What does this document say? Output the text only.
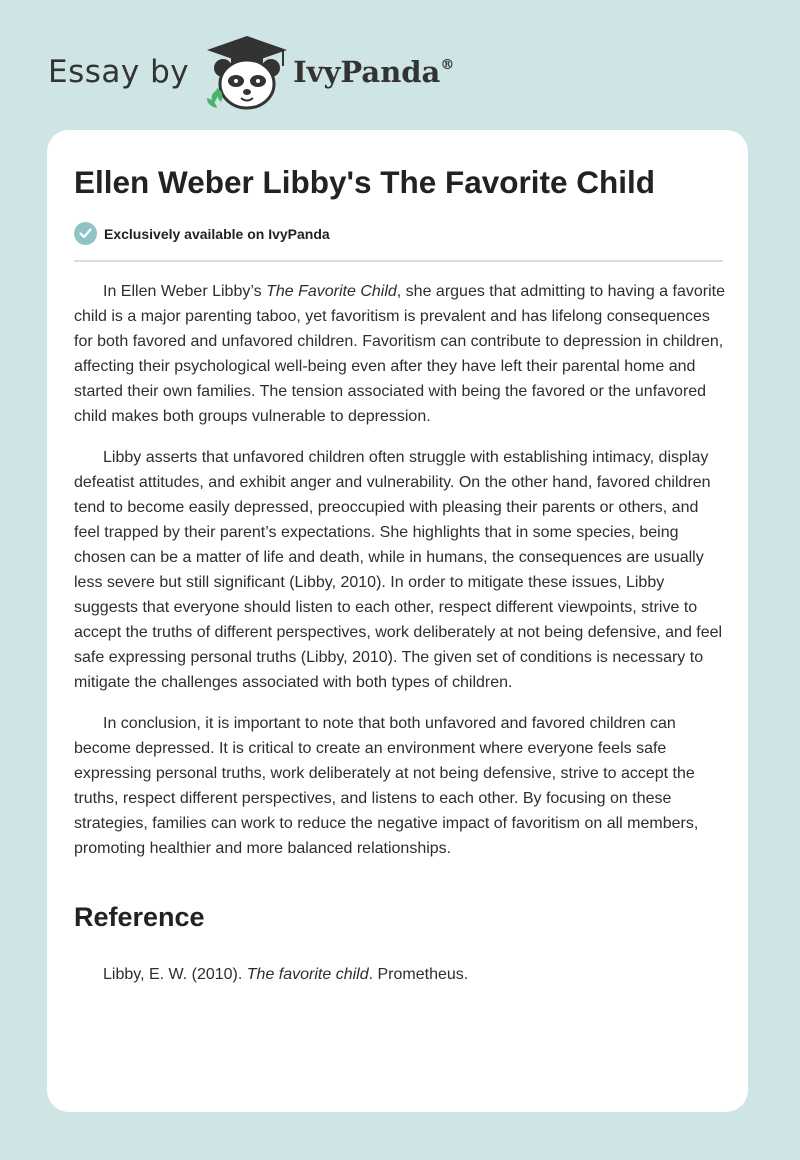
Essay by	IvyPanda®
Ellen Weber Libby's The Favorite Child
Exclusively available on IvyPanda

In Ellen Weber Libby’s The Favorite Child, she argues that admitting to having a favorite child is a major parenting taboo, yet favoritism is prevalent and has lifelong consequences for both favored and unfavored children. Favoritism can contribute to depression in children, affecting their psychological well-being even after they have left their parental home and started their own families. The tension associated with being the favored or the unfavored child makes both groups vulnerable to depression.

Libby asserts that unfavored children often struggle with establishing intimacy, display defeatist attitudes, and exhibit anger and vulnerability. On the other hand, favored children tend to become easily depressed, preoccupied with pleasing their parents or others, and feel trapped by their parent’s expectations. She highlights that in some species, being chosen can be a matter of life and death, while in humans, the consequences are usually less severe but still significant (Libby, 2010). In order to mitigate these issues, Libby suggests that everyone should listen to each other, respect different viewpoints, strive to accept the truths of different perspectives, work deliberately at not being defensive, and feel safe expressing personal truths (Libby, 2010). The given set of conditions is necessary to mitigate the challenges associated with both types of children.

In conclusion, it is important to note that both unfavored and favored children can become depressed. It is critical to create an environment where everyone feels safe expressing personal truths, work deliberately at not being defensive, strive to accept the truths, respect different perspectives, and listens to each other. By focusing on these strategies, families can work to reduce the negative impact of favoritism on all members, promoting healthier and more balanced relationships.

Reference
Libby, E. W. (2010). The favorite child. Prometheus.
